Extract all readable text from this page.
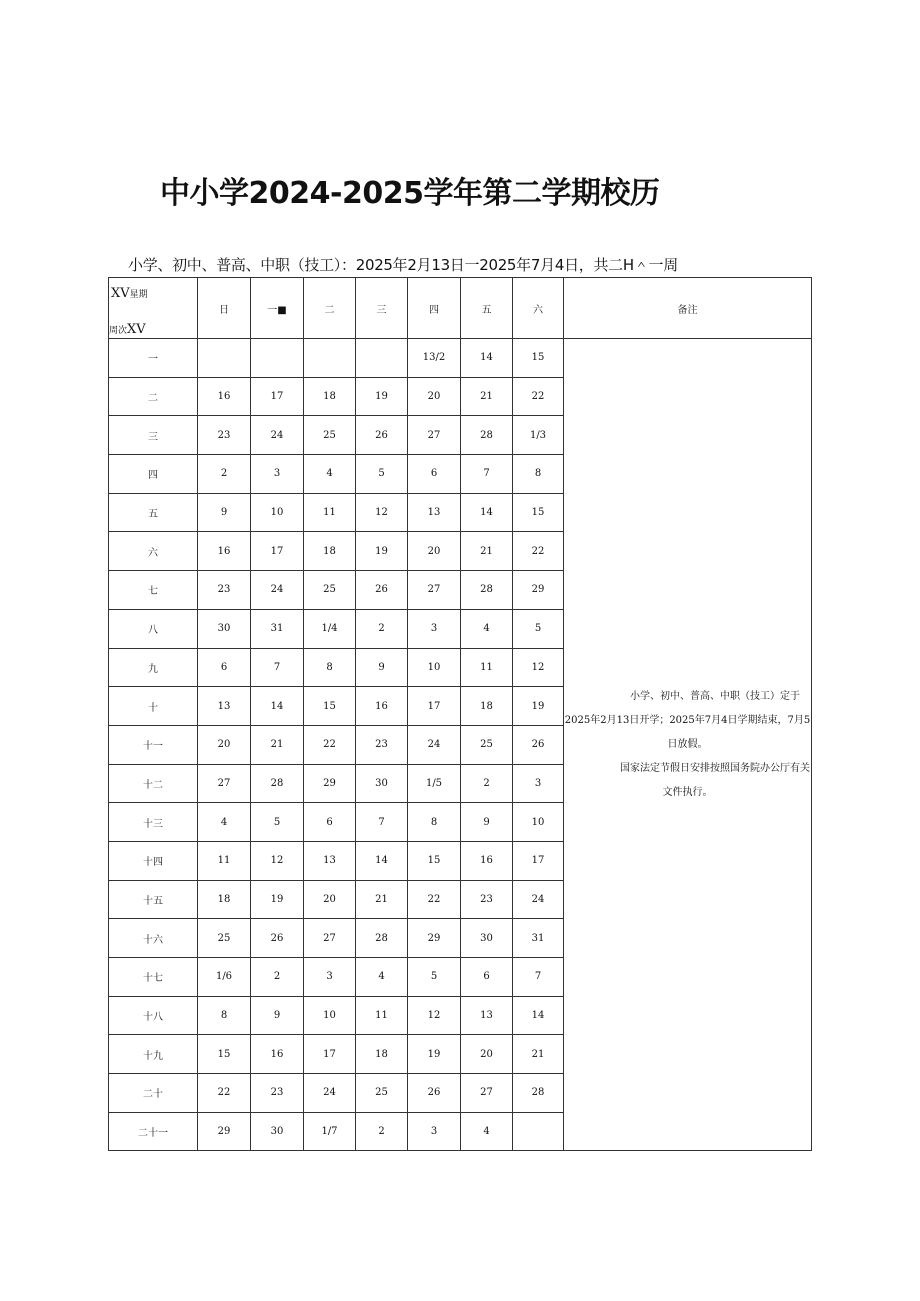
中小学2024-2025学年第二学期校历
小学、初中、普高、中职（技工）：2025年2月13日一2025年7月4日，共二H＾一周
XV星期
周次XV	日	一■	二	三	四	五	六	备注
一					13/2	14	15	小学、初中、普高、中职（技工）定于2025年2月13日开学；2025年7月4日学期结束，7月5日放假。

国家法定节假日安排按照国务院办公厅有关文件执行。

二	16	17	18	19	20	21	22	
三	23	24	25	26	27	28	1/3	
四	2	3	4	5	6	7	8	
五	9	10	11	12	13	14	15	
六	16	17	18	19	20	21	22	
七	23	24	25	26	27	28	29	
八	30	31	1/4	2	3	4	5	
九	6	7	8	9	10	11	12	
十	13	14	15	16	17	18	19	
十一	20	21	22	23	24	25	26	
十二	27	28	29	30	1/5	2	3	
十三	4	5	6	7	8	9	10	
十四	11	12	13	14	15	16	17	
十五	18	19	20	21	22	23	24	
十六	25	26	27	28	29	30	31	
十七	1/6	2	3	4	5	6	7	
十八	8	9	10	11	12	13	14	
十九	15	16	17	18	19	20	21	
二十	22	23	24	25	26	27	28	
二十一	29	30	1/7	2	3	4		
